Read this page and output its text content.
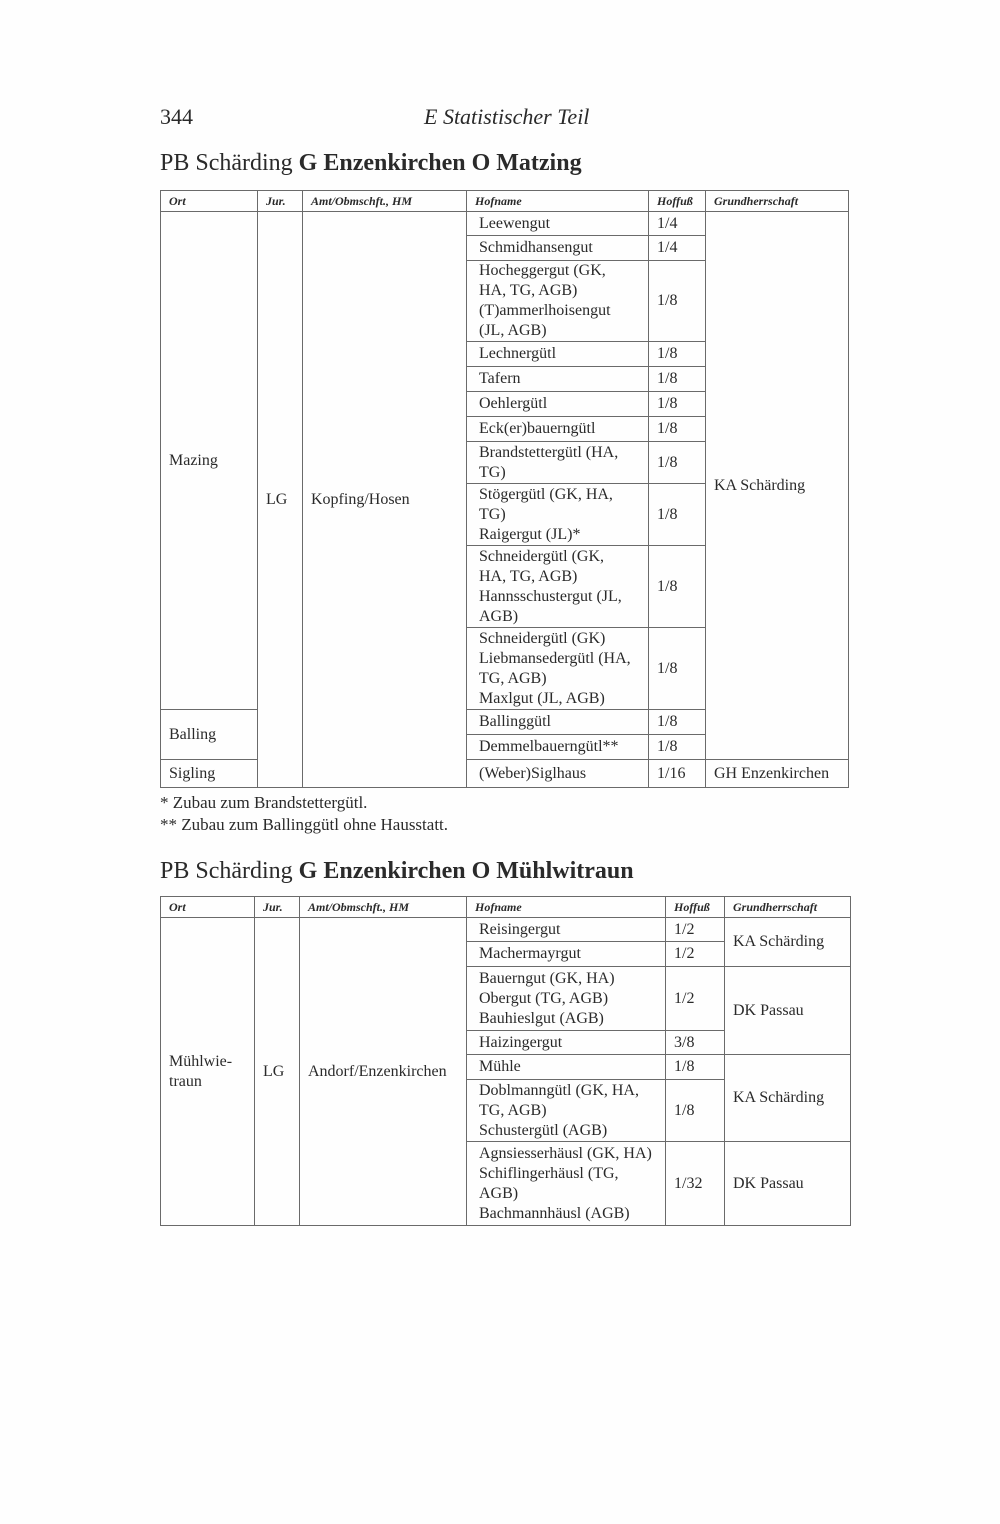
344	E Statistischer Teil
PB Schärding G Enzenkirchen O Matzing
Ort	Jur.	Amt/Obmschft., HM	Hofname	Hoffuß	Grundherrschaft
Mazing	LG	Kopfing/Hosen	Leewengut	1/4	KA Schärding
			Schmidhansengut	1/4	

			Hocheggergut (GK,
HA, TG, AGB)
(T)ammerlhoisengut
(JL, AGB)	1/8	
			Lechnergütl	1/8	
			Tafern	1/8	
			Oehlergütl	1/8	
			Eck(er)bauerngütl	1/8	

			Brandstettergütl (HA,
TG)	1/8	

			Stögergütl (GK, HA,
TG)
Raigergut (JL)*	1/8	

			Schneidergütl (GK,
HA, TG, AGB)
Hannsschustergut (JL,
AGB)	1/8	

			Schneidergütl (GK)
Liebmansedergütl (HA,
TG, AGB)
Maxlgut (JL, AGB)	1/8	
Balling			Ballinggütl	1/8	
			Demmelbauerngütl**	1/8	
Sigling			(Weber)Siglhaus	1/16	GH Enzenkirchen
* Zubau zum Brandstettergütl.
** Zubau zum Ballinggütl ohne Hausstatt.
PB Schärding G Enzenkirchen O Mühlwitraun
Ort	Jur.	Amt/Obmschft., HM	Hofname	Hoffuß	Grundherrschaft

Mühlwie-
traun	LG	Andorf/Enzenkirchen	Reisingergut	1/2	KA Schärding
			Machermayrgut	1/2	

			Bauerngut (GK, HA)
Obergut (TG, AGB)
Bauhieslgut (AGB)	1/2	DK Passau
			Haizingergut	3/8	
			Mühle	1/8	KA Schärding

			Doblmanngütl (GK, HA,
TG, AGB)
Schustergütl (AGB)	1/8	

			Agnsiesserhäusl (GK, HA)
Schiflingerhäusl (TG,
AGB)
Bachmannhäusl (AGB)	1/32	DK Passau
